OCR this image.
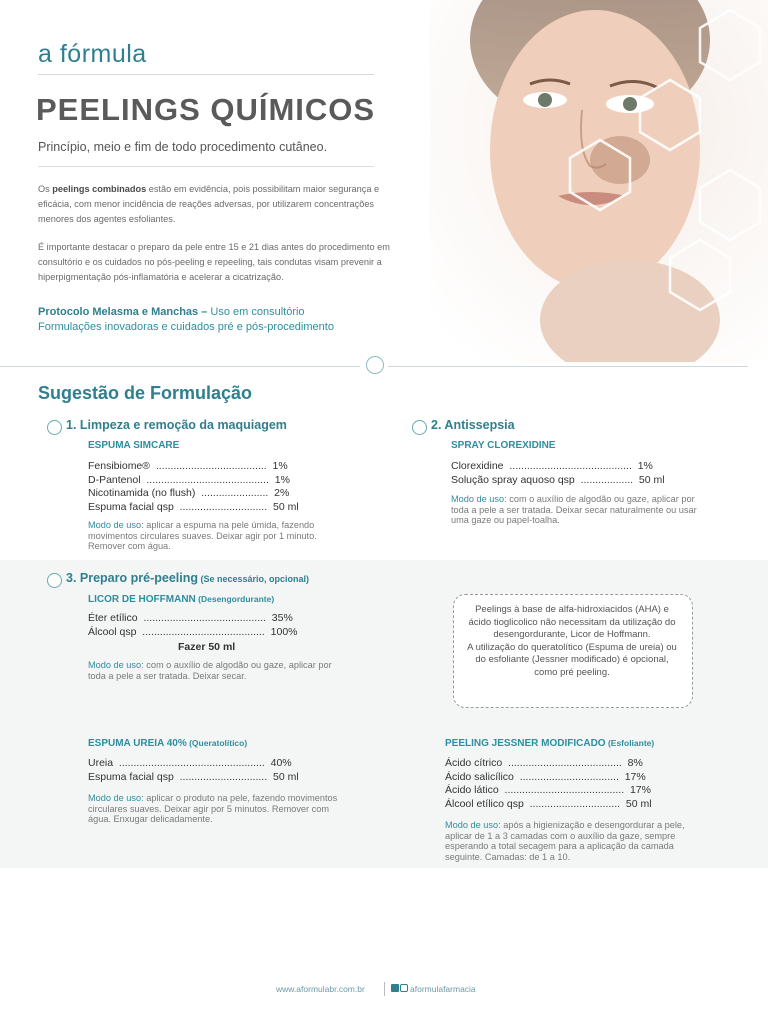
a fórmula
PEELINGS QUÍMICOS
Princípio, meio e fim de todo procedimento cutâneo.
Os peelings combinados estão em evidência, pois possibilitam maior segurança e eficácia, com menor incidência de reações adversas, por utilizarem concentrações menores dos agentes esfoliantes.
É importante destacar o preparo da pele entre 15 e 21 dias antes do procedimento em consultório e os cuidados no pós-peeling e repeeling, tais condutas visam prevenir a hiperpigmentação pós-inflamatória e acelerar a cicatrização.
Protocolo Melasma e Manchas – Uso em consultório
Formulações inovadoras e cuidados pré e pós-procedimento
Sugestão de Formulação
1. Limpeza e remoção da maquiagem
ESPUMA SIMCARE
Fensibiome®  ......................................  1%
D-Pantenol  ..........................................  1%
Nicotinamida (no flush)  .......................  2%
Espuma facial qsp  ..............................  50 ml
Modo de uso: aplicar a espuma na pele úmida, fazendo movimentos circulares suaves. Deixar agir por 1 minuto. Remover com água.
2. Antissepsia
SPRAY CLOREXIDINE
Clorexidine  ..........................................  1%
Solução spray aquoso qsp  ..................  50 ml
Modo de uso: com o auxílio de algodão ou gaze, aplicar por toda a pele a ser tratada. Deixar secar naturalmente ou usar uma gaze ou papel-toalha.
3. Preparo pré-peeling (Se necessário, opcional)
LICOR DE HOFFMANN (Desengordurante)
Éter etílico  ..........................................  35%
Álcool qsp  ..........................................  100%
Fazer 50 ml
Modo de uso: com o auxílio de algodão ou gaze, aplicar por toda a pele a ser tratada. Deixar secar.
Peelings à base de alfa-hidroxiacidos (AHA) e ácido tioglicolico não necessitam da utilização do desengordurante, Licor de Hoffmann.
A utilização do queratolítico (Espuma de ureia) ou do esfoliante (Jessner modificado) é opcional, como pré peeling.
ESPUMA UREIA 40% (Queratolítico)
Ureia  ..................................................  40%
Espuma facial qsp  ..............................  50 ml
Modo de uso: aplicar o produto na pele, fazendo movimentos circulares suaves. Deixar agir por 5 minutos. Remover com água. Enxugar delicadamente.
PEELING JESSNER MODIFICADO (Esfoliante)
Ácido cítrico  .......................................  8%
Ácido salicílico  ..................................  17%
Ácido lático  .........................................  17%
Álcool etílico qsp  ...............................  50 ml
Modo de uso: após a higienização e desengordurar a pele, aplicar de 1 a 3 camadas com o auxílio da gaze, sempre esperando a total secagem para a aplicação da camada seguinte. Camadas: de 1 a 10.
www.aformulabr.com.br	aformulafarmacia
